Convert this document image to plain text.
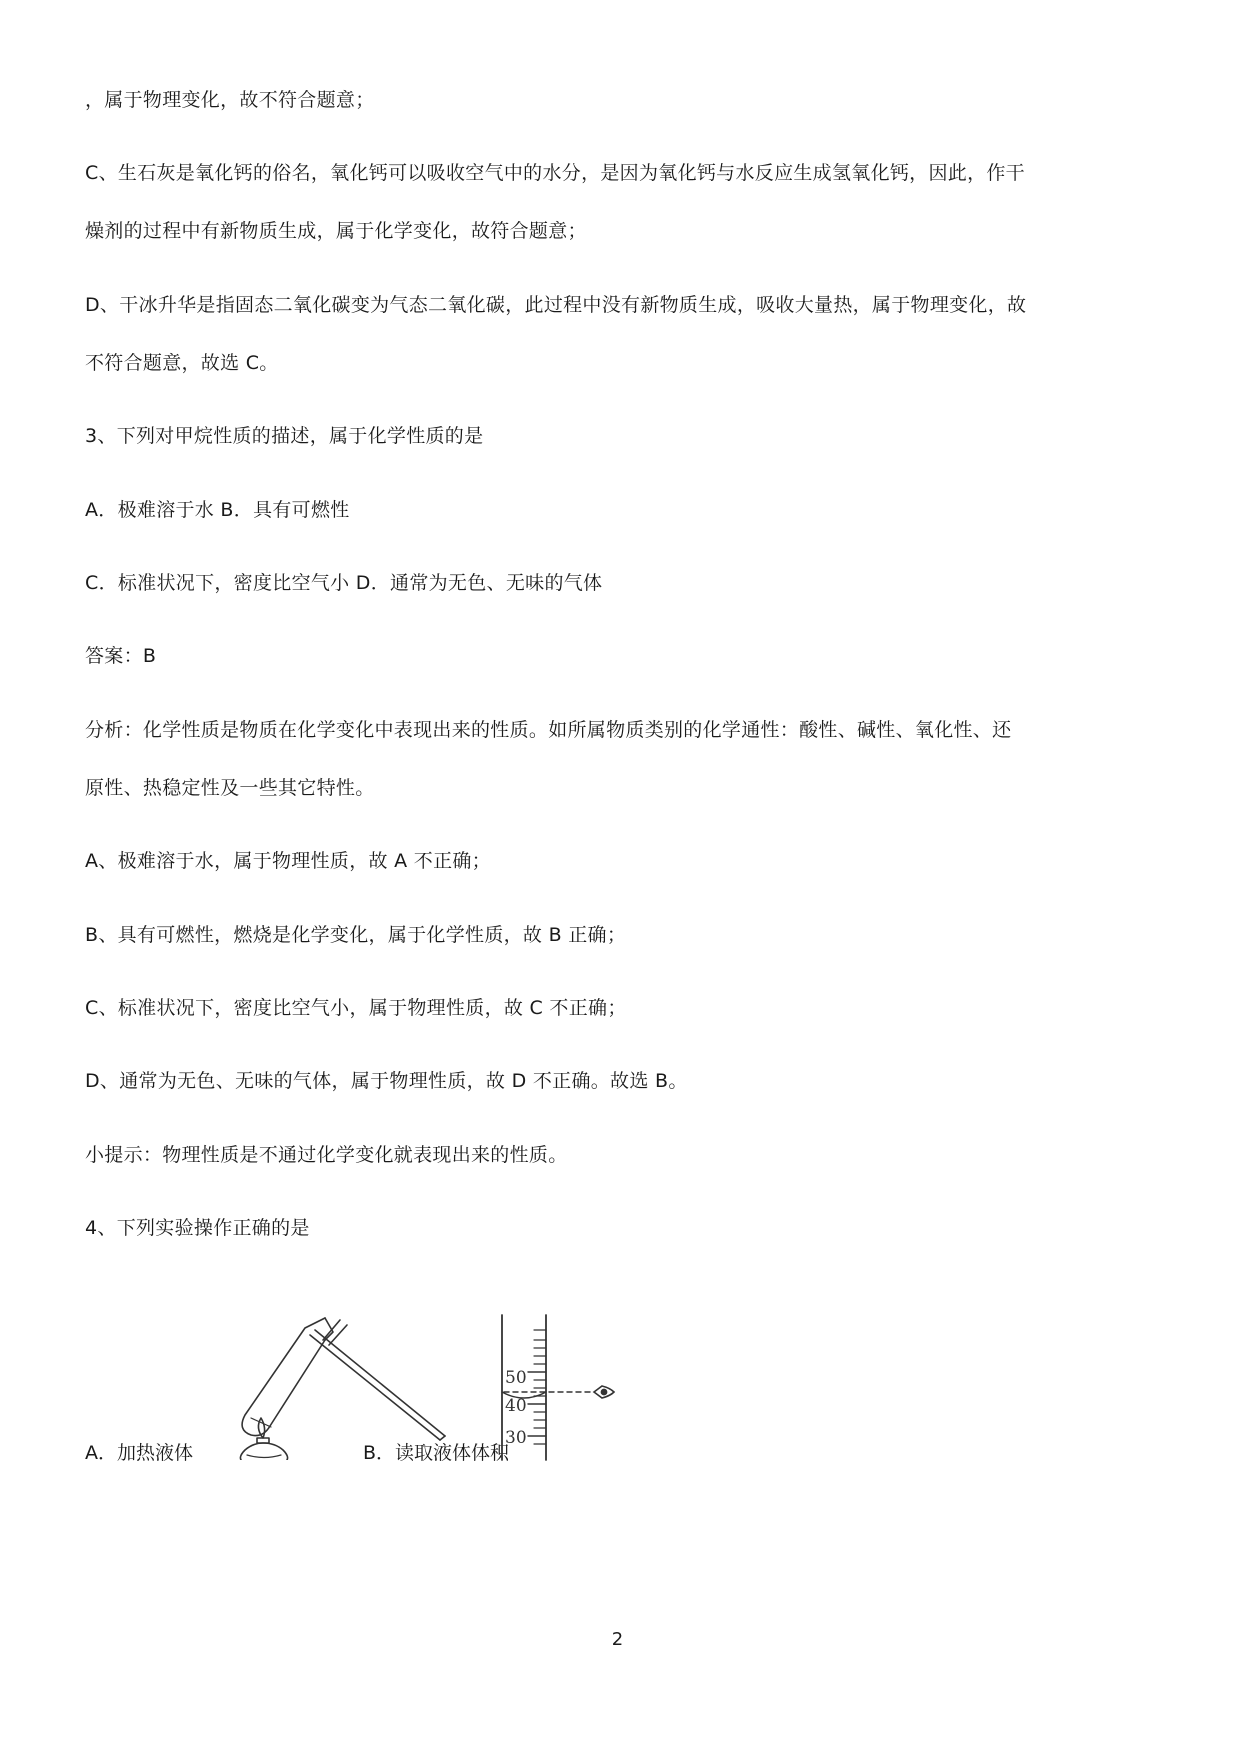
，属于物理变化，故不符合题意；
C、生石灰是氧化钙的俗名，氧化钙可以吸收空气中的水分，是因为氧化钙与水反应生成氢氧化钙，因此，作干
燥剂的过程中有新物质生成，属于化学变化，故符合题意；
D、干冰升华是指固态二氧化碳变为气态二氧化碳，此过程中没有新物质生成，吸收大量热，属于物理变化，故
不符合题意，故选 C。
3、下列对甲烷性质的描述，属于化学性质的是
A．极难溶于水 B．具有可燃性
C．标准状况下，密度比空气小 D．通常为无色、无味的气体
答案：B
分析：化学性质是物质在化学变化中表现出来的性质。如所属物质类别的化学通性：酸性、碱性、氧化性、还
原性、热稳定性及一些其它特性。
A、极难溶于水，属于物理性质，故 A 不正确；
B、具有可燃性，燃烧是化学变化，属于化学性质，故 B 正确；
C、标准状况下，密度比空气小，属于物理性质，故 C 不正确；
D、通常为无色、无味的气体，属于物理性质，故 D 不正确。故选 B。
小提示：物理性质是不通过化学变化就表现出来的性质。
4、下列实验操作正确的是
A．加热液体	B．读取液体体积
50
40
30
2
